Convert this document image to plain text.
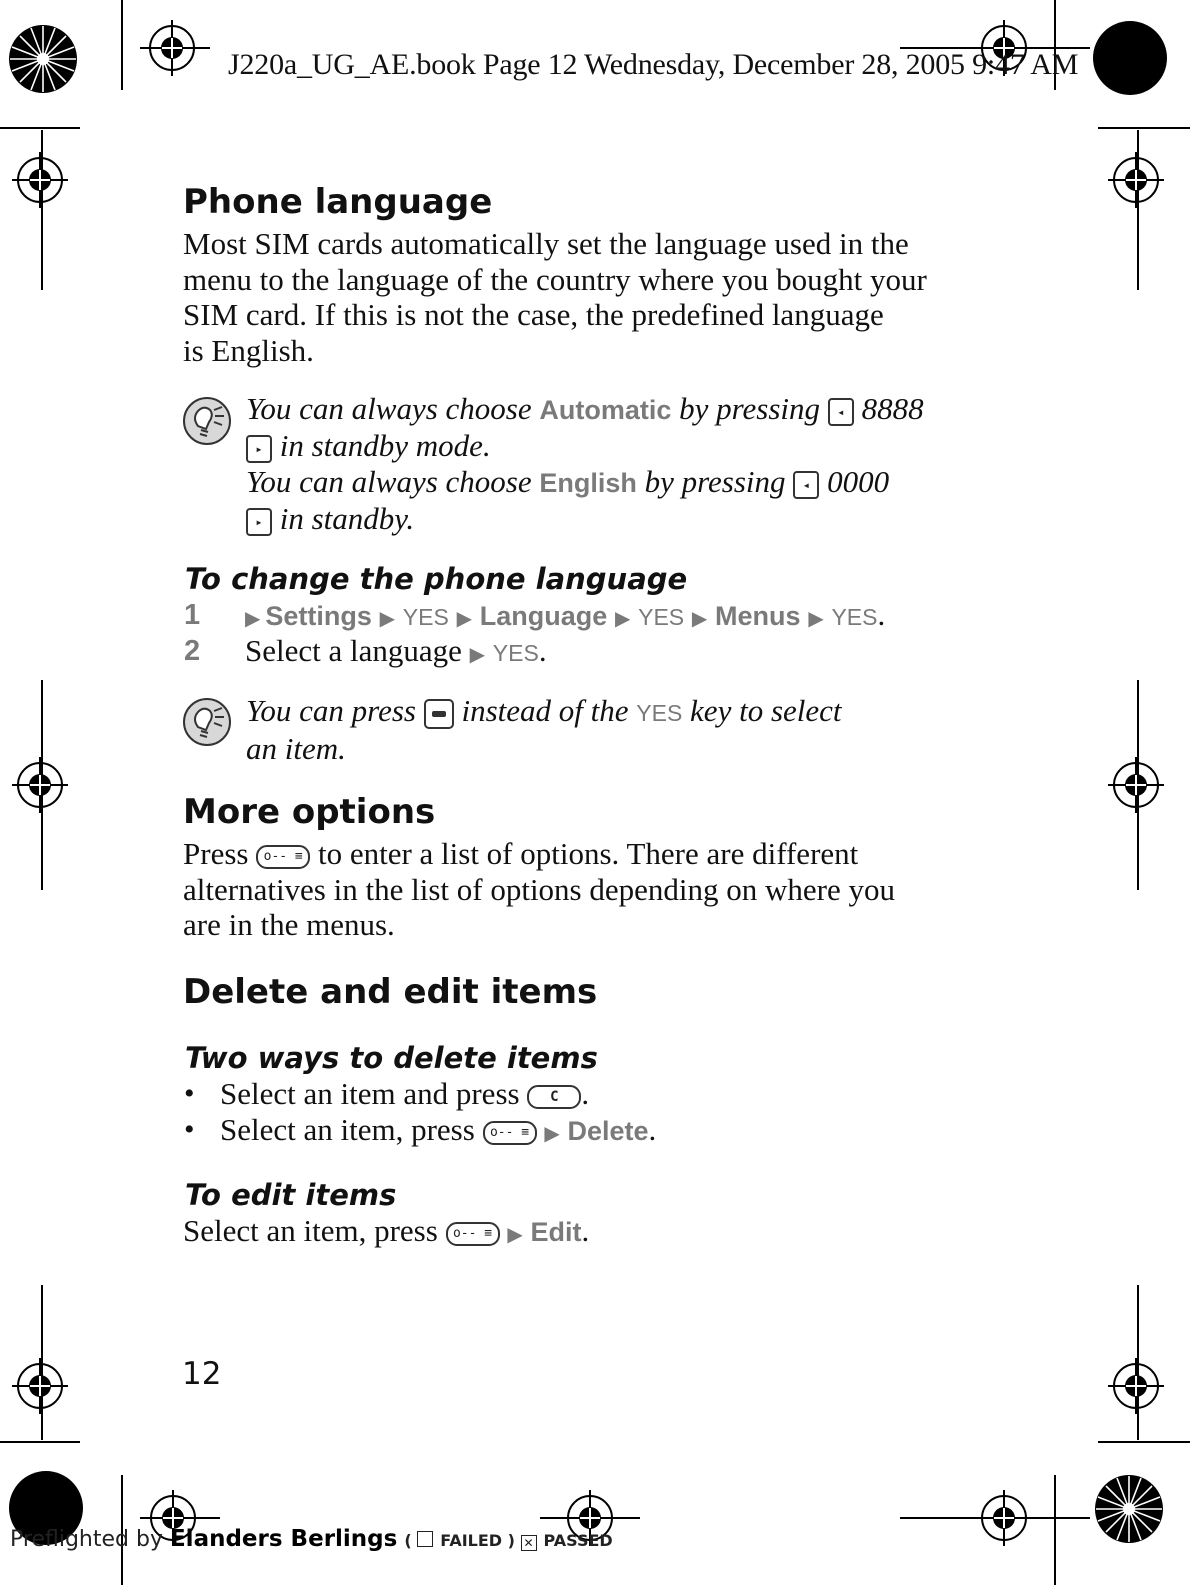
J220a_UG_AE.book Page 12 Wednesday, December 28, 2005 9:47 AM
Phone language
Most SIM cards automatically set the language used in the
menu to the language of the country where you bought your
SIM card. If this is not the case, the predefined language
is English.
You can always choose Automatic by pressing ◂ 8888
▸ in standby mode.
You can always choose English by pressing ◂ 0000
▸ in standby.
To change the phone language
1 ▶ Settings ▶ YES ▶ Language ▶ YES ▶ Menus ▶ YES.
2 Select a language ▶ YES.
You can press  instead of the YES key to select
an item.
More options
Press o-- ≡ to enter a list of options. There are different
alternatives in the list of options depending on where you
are in the menus.
Delete and edit items
Two ways to delete items
• Select an item and press C .
• Select an item, press o-- ≡ ▶ Delete.
To edit items
Select an item, press o-- ≡ ▶ Edit.
12
Preflighted by Elanders Berlings (  FAILED ) ✕ PASSED
